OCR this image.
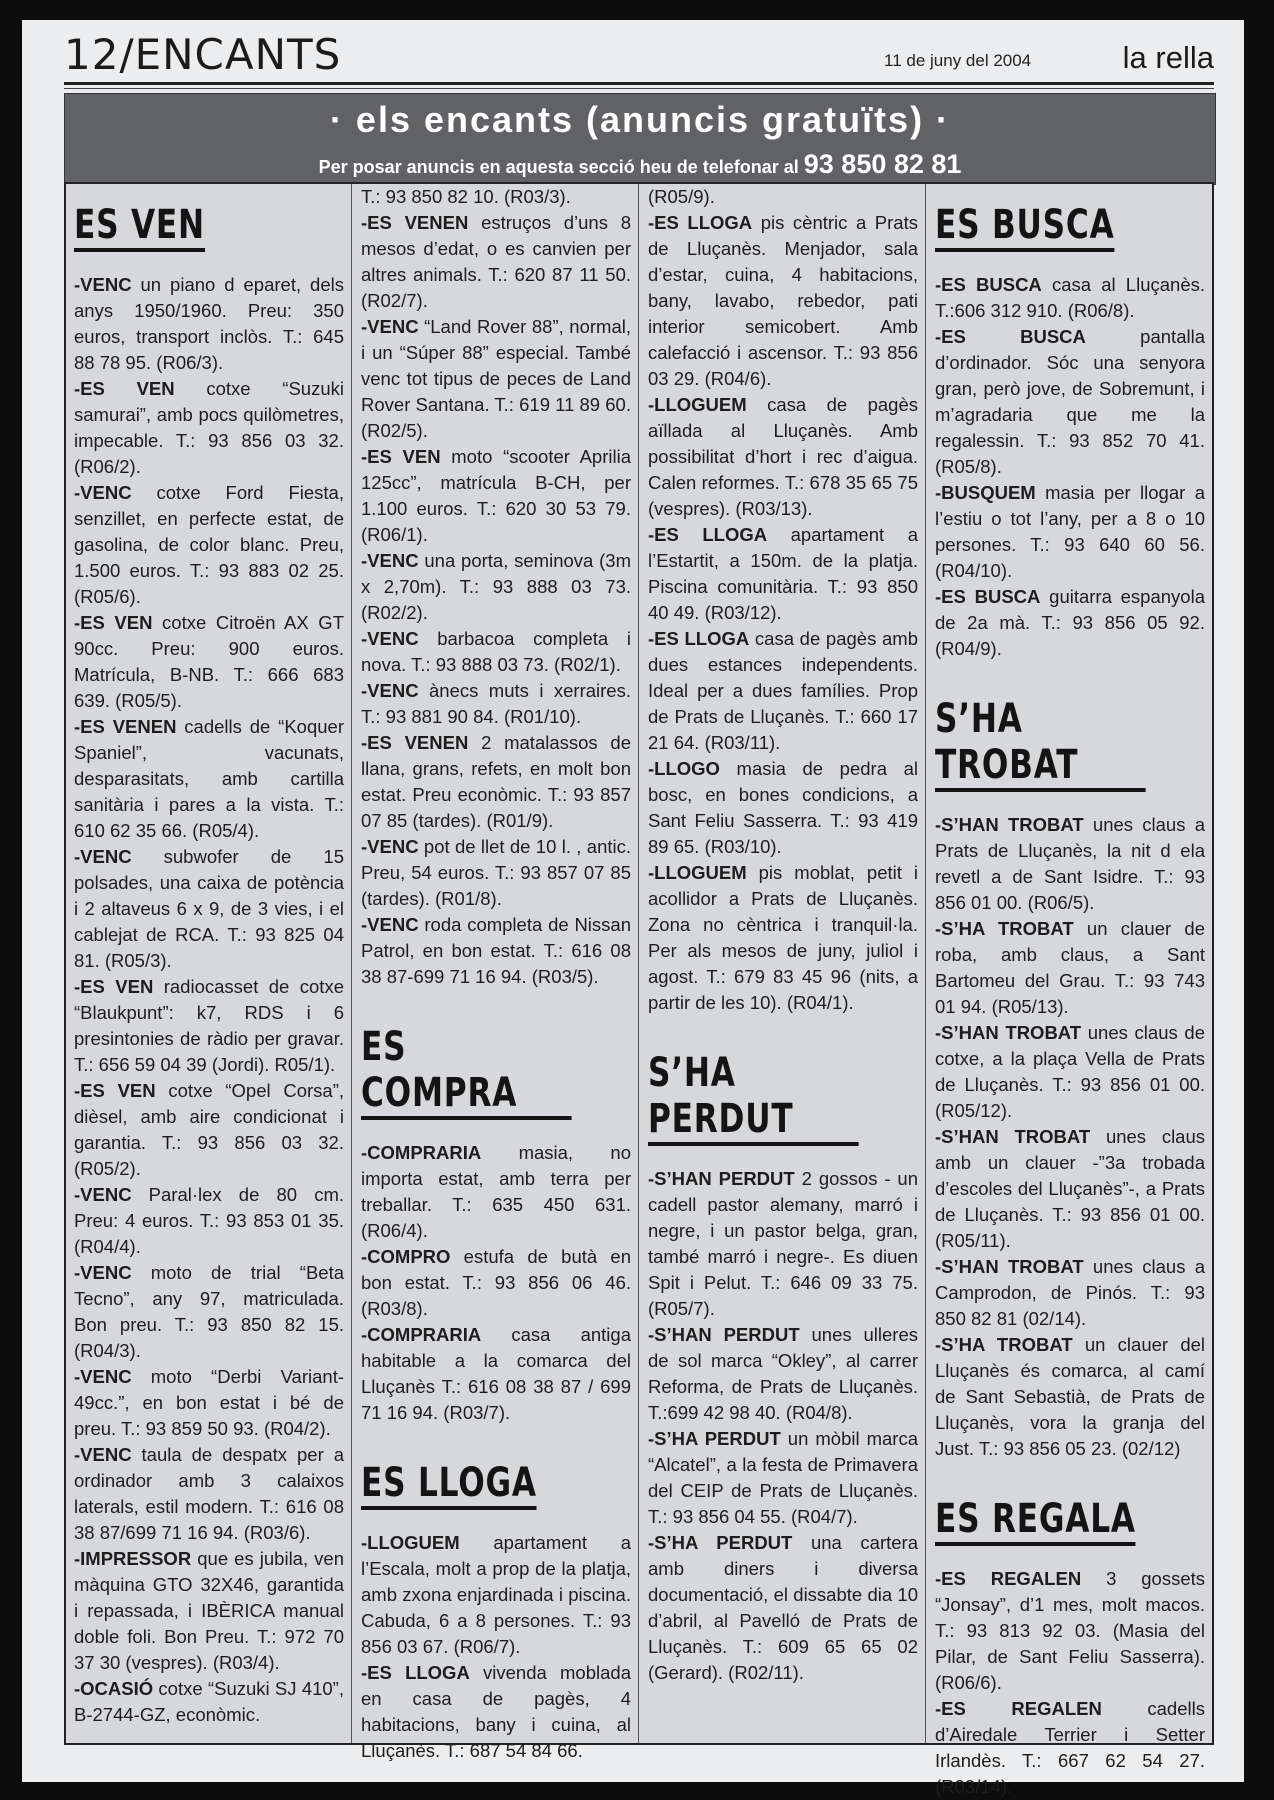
12/ENCANTS	11 de juny del 2004	la rella
· els encants (anuncis gratuïts) ·
Per posar anuncis en aquesta secció heu de telefonar al 93 850 82 81
ES VEN

-VENC un piano d eparet, dels anys 1950/1960. Preu: 350 euros, transport inclòs. T.: 645 88 78 95. (R06/3).

-ES VEN cotxe “Suzuki samurai”, amb pocs quilòmetres, impecable. T.: 93 856 03 32. (R06/2).

-VENC cotxe Ford Fiesta, senzillet, en perfecte estat, de gasolina, de color blanc. Preu, 1.500 euros. T.: 93 883 02 25. (R05/6).

-ES VEN cotxe Citroën AX GT 90cc. Preu: 900 euros. Matrícula, B-NB. T.: 666 683 639. (R05/5).

-ES VENEN cadells de “Koquer Spaniel”, vacunats, desparasitats, amb cartilla sanitària i pares a la vista. T.: 610 62 35 66. (R05/4).

-VENC subwofer de 15 polsades, una caixa de potència i 2 altaveus 6 x 9, de 3 vies, i el cablejat de RCA. T.: 93 825 04 81. (R05/3).

-ES VEN radiocasset de cotxe “Blaukpunt”: k7, RDS i 6 presintonies de ràdio per gravar. T.: 656 59 04 39 (Jordi). R05/1).

-ES VEN cotxe “Opel Corsa”, dièsel, amb aire condicionat i garantia. T.: 93 856 03 32. (R05/2).

-VENC Paral·lex de 80 cm. Preu: 4 euros. T.: 93 853 01 35. (R04/4).

-VENC moto de trial “Beta Tecno”, any 97, matriculada. Bon preu. T.: 93 850 82 15. (R04/3).

-VENC moto “Derbi Variant-49cc.”, en bon estat i bé de preu. T.: 93 859 50 93. (R04/2).

-VENC taula de despatx per a ordinador amb 3 calaixos laterals, estil modern. T.: 616 08 38 87/699 71 16 94. (R03/6).

-IMPRESSOR que es jubila, ven màquina GTO 32X46, garantida i repassada, i IBÈRICA manual doble foli. Bon Preu. T.: 972 70 37 30 (vespres). (R03/4).

-OCASIÓ cotxe “Suzuki SJ 410”, B-2744-GZ, econòmic.

T.: 93 850 82 10. (R03/3).

-ES VENEN estruços d’uns 8 mesos d’edat, o es canvien per altres animals. T.: 620 87 11 50. (R02/7).

-VENC “Land Rover 88”, normal, i un “Súper 88” especial. També venc tot tipus de peces de Land Rover Santana. T.: 619 11 89 60. (R02/5).

-ES VEN moto “scooter Aprilia 125cc”, matrícula B-CH, per 1.100 euros. T.: 620 30 53 79. (R06/1).

-VENC una porta, seminova (3m x 2,70m). T.: 93 888 03 73. (R02/2).

-VENC barbacoa completa i nova. T.: 93 888 03 73. (R02/1).

-VENC ànecs muts i xerraires. T.: 93 881 90 84. (R01/10).

-ES VENEN 2 matalassos de llana, grans, refets, en molt bon estat. Preu econòmic. T.: 93 857 07 85 (tardes). (R01/9).

-VENC pot de llet de 10 l. , antic. Preu, 54 euros. T.: 93 857 07 85 (tardes). (R01/8).

-VENC roda completa de Nissan Patrol, en bon estat. T.: 616 08 38 87-699 71 16 94. (R03/5).

ES COMPRA

-COMPRARIA masia, no importa estat, amb terra per treballar. T.: 635 450 631. (R06/4).

-COMPRO estufa de butà en bon estat. T.: 93 856 06 46. (R03/8).

-COMPRARIA casa antiga habitable a la comarca del Lluçanès T.: 616 08 38 87 / 699 71 16 94. (R03/7).

ES LLOGA

-LLOGUEM apartament a l’Escala, molt a prop de la platja, amb zxona enjardinada i piscina. Cabuda, 6 a 8 persones. T.: 93 856 03 67. (R06/7).

-ES LLOGA vivenda moblada en casa de pagès, 4 habitacions, bany i cuina, al Lluçanès. T.: 687 54 84 66.

(R05/9).

-ES LLOGA pis cèntric a Prats de Lluçanès. Menjador, sala d’estar, cuina, 4 habitacions, bany, lavabo, rebedor, pati interior semicobert. Amb calefacció i ascensor. T.: 93 856 03 29. (R04/6).

-LLOGUEM casa de pagès aïllada al Lluçanès. Amb possibilitat d’hort i rec d’aigua. Calen reformes. T.: 678 35 65 75 (vespres). (R03/13).

-ES LLOGA apartament a l’Estartit, a 150m. de la platja. Piscina comunitària. T.: 93 850 40 49. (R03/12).

-ES LLOGA casa de pagès amb dues estances independents. Ideal per a dues famílies. Prop de Prats de Lluçanès. T.: 660 17 21 64. (R03/11).

-LLOGO masia de pedra al bosc, en bones condicions, a Sant Feliu Sasserra. T.: 93 419 89 65. (R03/10).

-LLOGUEM pis moblat, petit i acollidor a Prats de Lluçanès. Zona no cèntrica i tranquil·la. Per als mesos de juny, juliol i agost. T.: 679 83 45 96 (nits, a partir de les 10). (R04/1).

S’HA PERDUT

-S’HAN PERDUT 2 gossos - un cadell pastor alemany, marró i negre, i un pastor belga, gran, també marró i negre-. Es diuen Spit i Pelut. T.: 646 09 33 75. (R05/7).

-S’HAN PERDUT unes ulleres de sol marca “Okley”, al carrer Reforma, de Prats de Lluçanès. T.:699 42 98 40. (R04/8).

-S’HA PERDUT un mòbil marca “Alcatel”, a la festa de Primavera del CEIP de Prats de Lluçanès. T.: 93 856 04 55. (R04/7).

-S’HA PERDUT una cartera amb diners i diversa documentació, el dissabte dia 10 d’abril, al Pavelló de Prats de Lluçanès. T.: 609 65 65 02 (Gerard). (R02/11).

ES BUSCA

-ES BUSCA casa al Lluçanès. T.:606 312 910. (R06/8).

-ES BUSCA pantalla d’ordinador. Sóc una senyora gran, però jove, de Sobremunt, i m’agradaria que me la regalessin. T.: 93 852 70 41. (R05/8).

-BUSQUEM masia per llogar a l’estiu o tot l’any, per a 8 o 10 persones. T.: 93 640 60 56. (R04/10).

-ES BUSCA guitarra espanyola de 2a mà. T.: 93 856 05 92. (R04/9).

S’HA TROBAT

-S’HAN TROBAT unes claus a Prats de Lluçanès, la nit d ela revetl a de Sant Isidre. T.: 93 856 01 00. (R06/5).

-S’HA TROBAT un clauer de roba, amb claus, a Sant Bartomeu del Grau. T.: 93 743 01 94. (R05/13).

-S’HAN TROBAT unes claus de cotxe, a la plaça Vella de Prats de Lluçanès. T.: 93 856 01 00. (R05/12).

-S’HAN TROBAT unes claus amb un clauer -”3a trobada d’escoles del Lluçanès”-, a Prats de Lluçanès. T.: 93 856 01 00. (R05/11).

-S’HAN TROBAT unes claus a Camprodon, de Pinós. T.: 93 850 82 81 (02/14).

-S’HA TROBAT un clauer del Lluçanès és comarca, al camí de Sant Sebastià, de Prats de Lluçanès, vora la granja del Just. T.: 93 856 05 23. (02/12)

ES REGALA

-ES REGALEN 3 gossets “Jonsay”, d’1 mes, molt macos. T.: 93 813 92 03. (Masia del Pilar, de Sant Feliu Sasserra). (R06/6).

-ES REGALEN cadells d’Airedale Terrier i Setter Irlandès. T.: 667 62 54 27. (R03/14).
